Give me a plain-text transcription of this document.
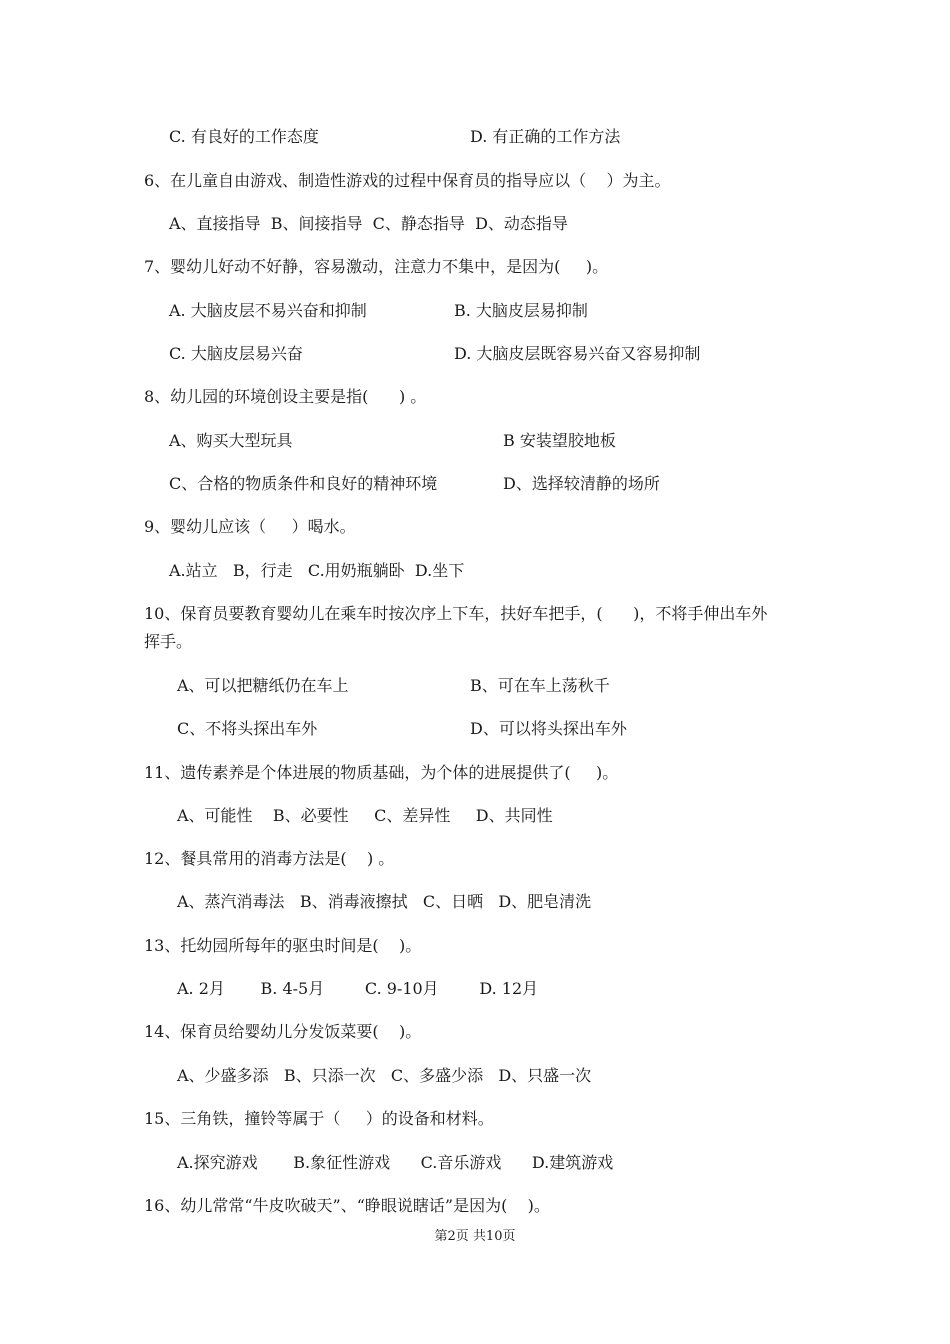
C. 有良好的工作态度	D. 有正确的工作方法
6、在儿童自由游戏、制造性游戏的过程中保育员的指导应以（    ）为主。
A、直接指导  B、间接指导  C、静态指导  D、动态指导
7、婴幼儿好动不好静，容易激动，注意力不集中，是因为(     )。
A. 大脑皮层不易兴奋和抑制	B. 大脑皮层易抑制
C. 大脑皮层易兴奋	D. 大脑皮层既容易兴奋又容易抑制
8、幼儿园的环境创设主要是指(      ) 。
A、购买大型玩具	B 安装望胶地板
C、合格的物质条件和良好的精神环境	D、选择较清静的场所
9、婴幼儿应该（     ）喝水。
A.站立   B，行走   C.用奶瓶躺卧  D.坐下
10、保育员要教育婴幼儿在乘车时按次序上下车，扶好车把手，(      )，不将手伸出车外
挥手。
A、可以把糖纸仍在车上	B、可在车上荡秋千
C、不将头探出车外	D、可以将头探出车外
11、遗传素养是个体进展的物质基础，为个体的进展提供了(     )。
A、可能性    B、必要性     C、差异性     D、共同性
12、餐具常用的消毒方法是(    ) 。
A、蒸汽消毒法   B、消毒液擦拭   C、日晒   D、肥皂清洗
13、托幼园所每年的驱虫时间是(    )。
A. 2月       B. 4-5月        C. 9-10月        D. 12月
14、保育员给婴幼儿分发饭菜要(    )。
A、少盛多添   B、只添一次   C、多盛少添   D、只盛一次
15、三角铁，撞铃等属于（     ）的设备和材料。
A.探究游戏       B.象征性游戏      C.音乐游戏      D.建筑游戏
16、幼儿常常“牛皮吹破天”、“睁眼说瞎话”是因为(    )。
第2页 共10页
